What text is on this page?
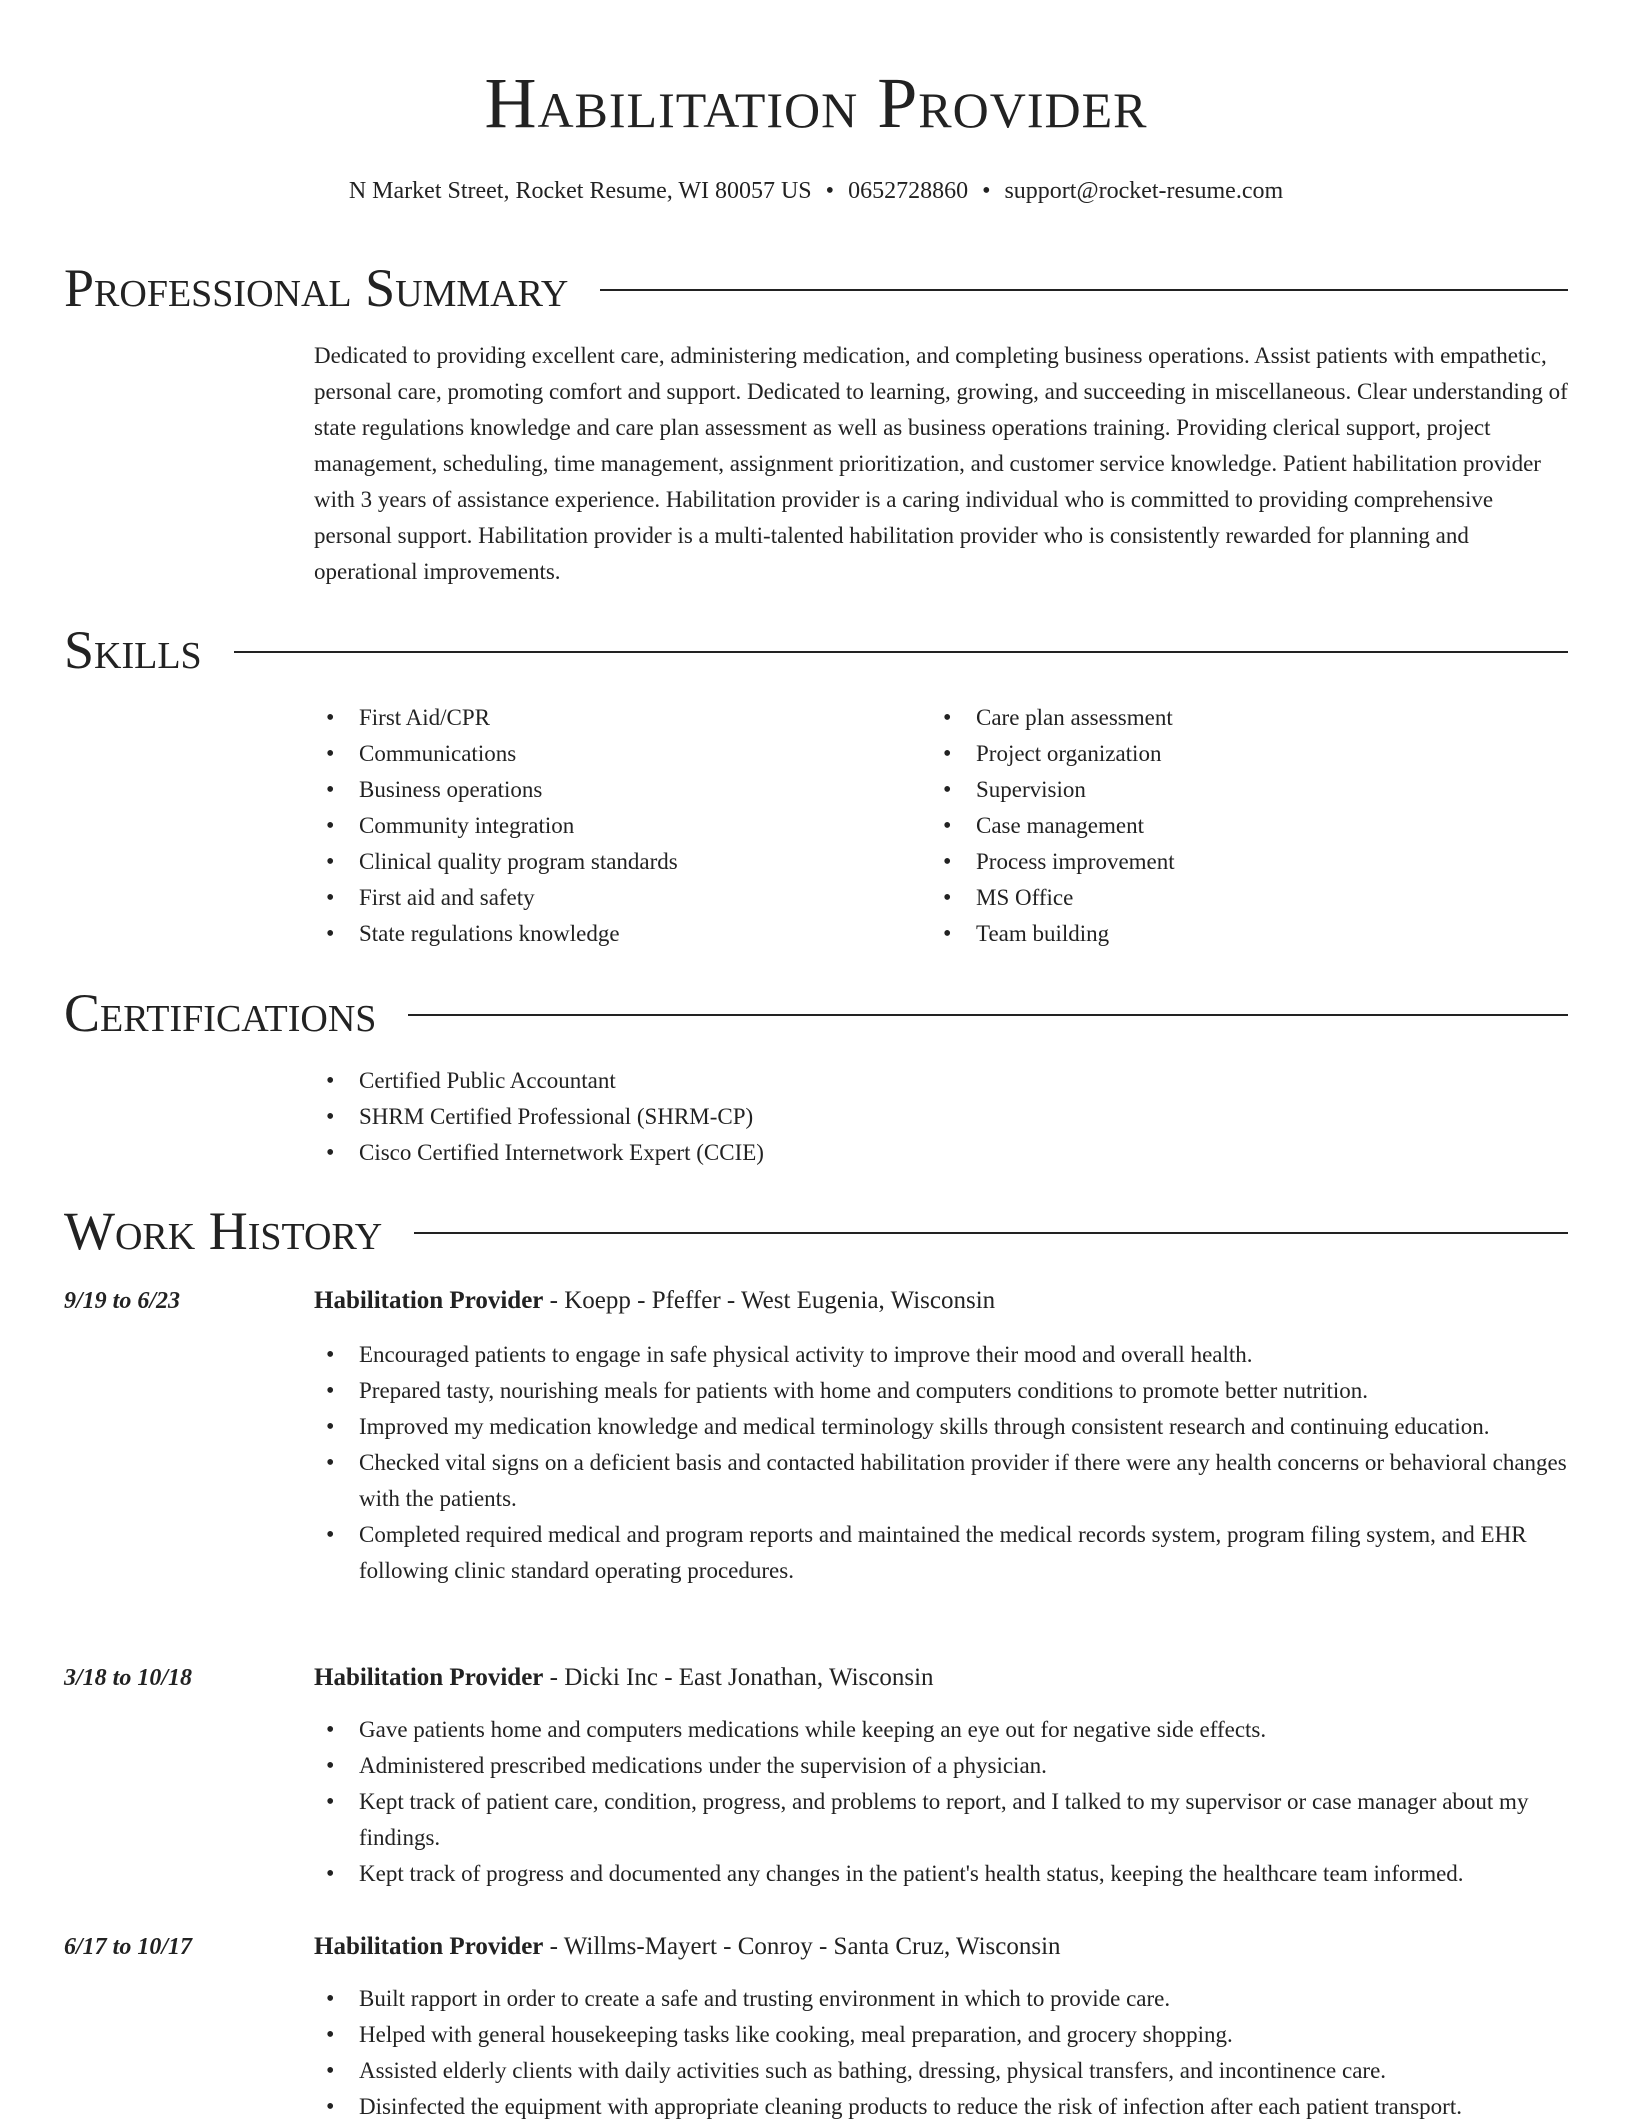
Habilitation Provider
N Market Street, Rocket Resume, WI 80057 US • 0652728860 • support@rocket-resume.com
Professional Summary

Dedicated to providing excellent care, administering medication, and completing business operations. Assist patients with empathetic, personal care, promoting comfort and support. Dedicated to learning, growing, and succeeding in miscellaneous. Clear understanding of state regulations knowledge and care plan assessment as well as business operations training. Providing clerical support, project management, scheduling, time management, assignment prioritization, and customer service knowledge. Patient habilitation provider with 3 years of assistance experience. Habilitation provider is a caring individual who is committed to providing comprehensive personal support. Habilitation provider is a multi-talented habilitation provider who is consistently rewarded for planning and operational improvements.

Skills
• First Aid/CPR
• Communications
• Business operations
• Community integration
• Clinical quality program standards
• First aid and safety
• State regulations knowledge
• Care plan assessment
• Project organization
• Supervision
• Case management
• Process improvement
• MS Office
• Team building
Certifications
• Certified Public Accountant
• SHRM Certified Professional (SHRM-CP)
• Cisco Certified Internetwork Expert (CCIE)
Work History
9/19 to 6/23	Habilitation Provider - Koepp - Pfeffer - West Eugenia, Wisconsin
• Encouraged patients to engage in safe physical activity to improve their mood and overall health.
• Prepared tasty, nourishing meals for patients with home and computers conditions to promote better nutrition.
• Improved my medication knowledge and medical terminology skills through consistent research and continuing education.
• Checked vital signs on a deficient basis and contacted habilitation provider if there were any health concerns or behavioral changes with the patients.
• Completed required medical and program reports and maintained the medical records system, program filing system, and EHR following clinic standard operating procedures.
3/18 to 10/18	Habilitation Provider - Dicki Inc - East Jonathan, Wisconsin
• Gave patients home and computers medications while keeping an eye out for negative side effects.
• Administered prescribed medications under the supervision of a physician.
• Kept track of patient care, condition, progress, and problems to report, and I talked to my supervisor or case manager about my findings.
• Kept track of progress and documented any changes in the patient's health status, keeping the healthcare team informed.
6/17 to 10/17	Habilitation Provider - Willms-Mayert - Conroy - Santa Cruz, Wisconsin
• Built rapport in order to create a safe and trusting environment in which to provide care.
• Helped with general housekeeping tasks like cooking, meal preparation, and grocery shopping.
• Assisted elderly clients with daily activities such as bathing, dressing, physical transfers, and incontinence care.
• Disinfected the equipment with appropriate cleaning products to reduce the risk of infection after each patient transport.
